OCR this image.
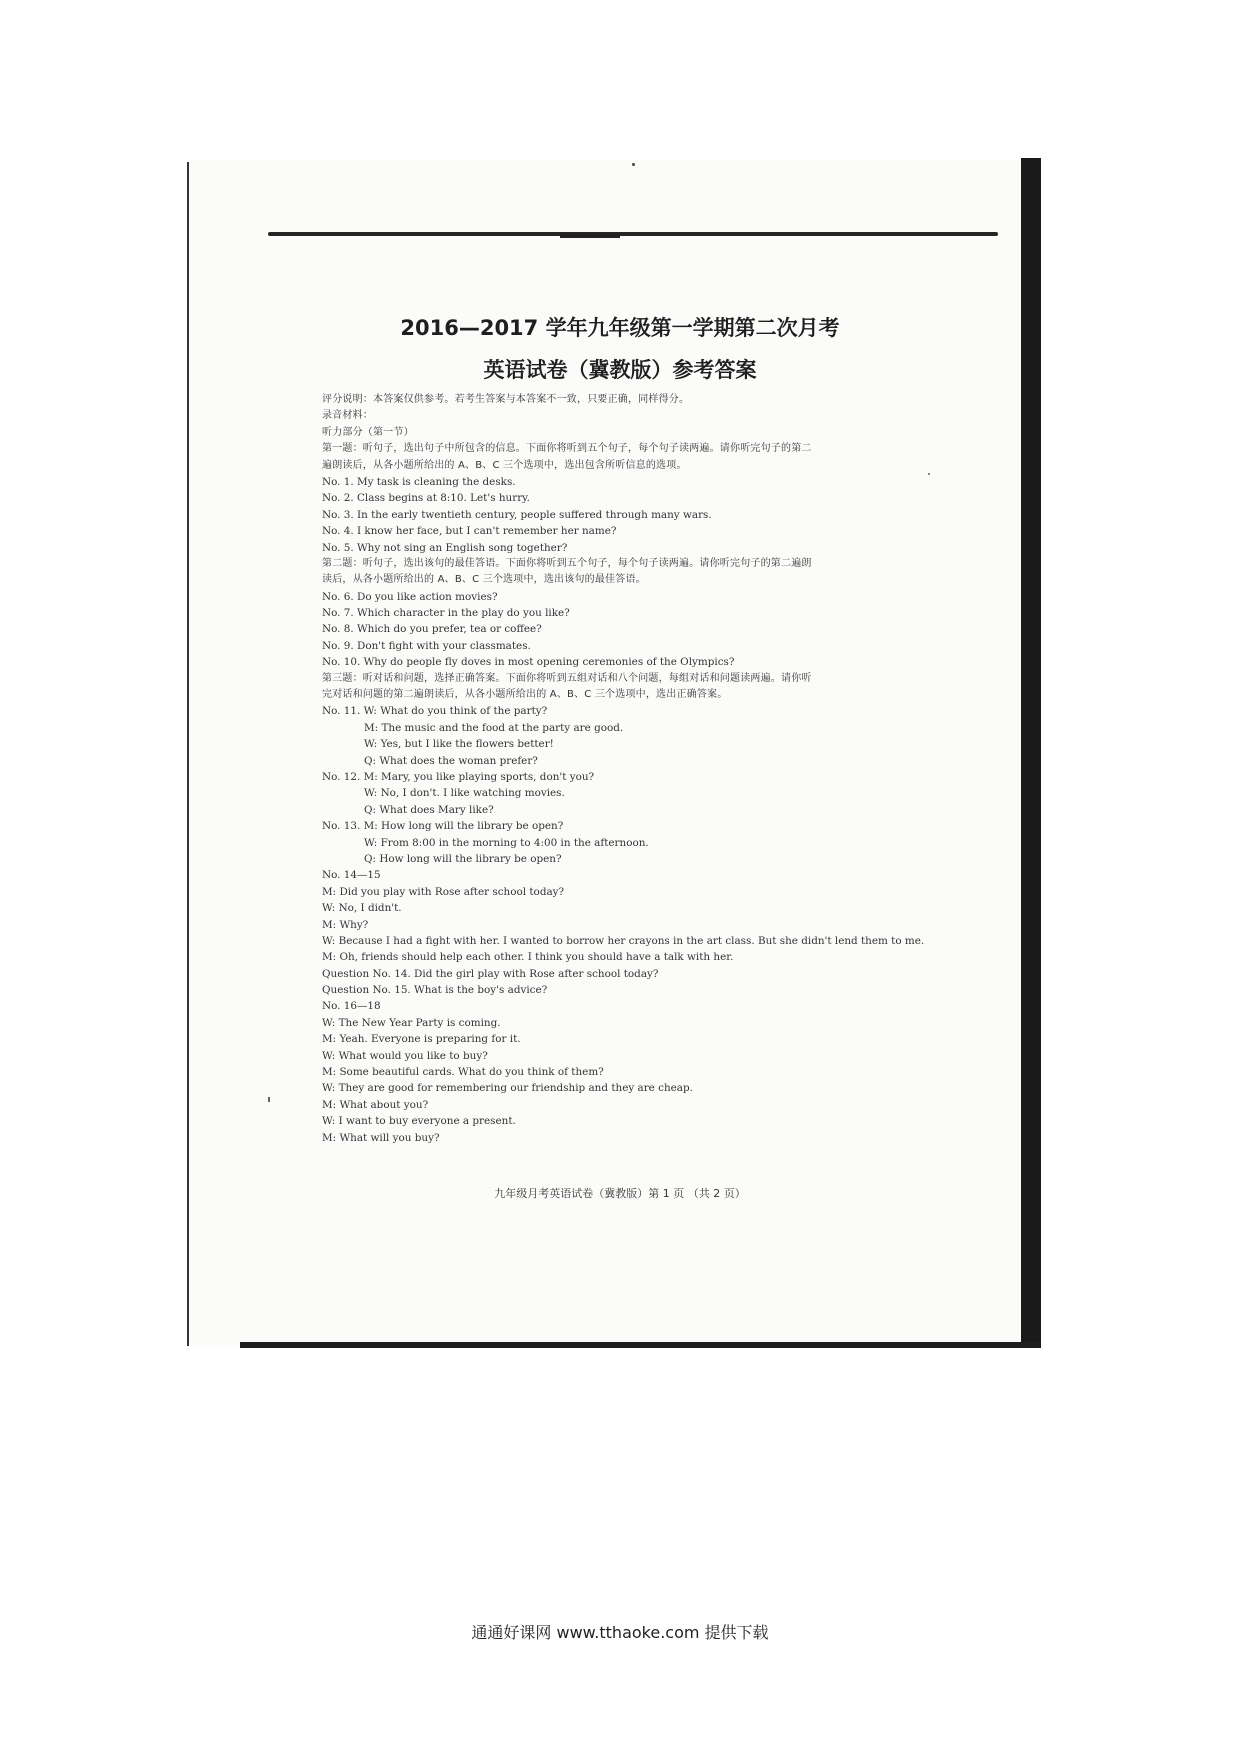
2016—2017 学年九年级第一学期第二次月考
英语试卷（冀教版）参考答案
评分说明：本答案仅供参考。若考生答案与本答案不一致，只要正确，同样得分。
录音材料：
听力部分（第一节）
第一题：听句子，选出句子中所包含的信息。下面你将听到五个句子，每个句子读两遍。请你听完句子的第二
遍朗读后，从各小题所给出的 A、B、C 三个选项中，选出包含所听信息的选项。
No. 1. My task is cleaning the desks.
No. 2. Class begins at 8:10. Let's hurry.
No. 3. In the early twentieth century, people suffered through many wars.
No. 4. I know her face, but I can't remember her name?
No. 5. Why not sing an English song together?
第二题：听句子，选出该句的最佳答语。下面你将听到五个句子，每个句子读两遍。请你听完句子的第二遍朗
读后，从各小题所给出的 A、B、C 三个选项中，选出该句的最佳答语。
No. 6. Do you like action movies?
No. 7. Which character in the play do you like?
No. 8. Which do you prefer, tea or coffee?
No. 9. Don't fight with your classmates.
No. 10. Why do people fly doves in most opening ceremonies of the Olympics?
第三题：听对话和问题，选择正确答案。下面你将听到五组对话和八个问题，每组对话和问题读两遍。请你听
完对话和问题的第二遍朗读后，从各小题所给出的 A、B、C 三个选项中，选出正确答案。
No. 11. W: What do you think of the party?
M: The music and the food at the party are good.
W: Yes, but I like the flowers better!
Q: What does the woman prefer?
No. 12. M: Mary, you like playing sports, don't you?
W: No, I don't. I like watching movies.
Q: What does Mary like?
No. 13. M: How long will the library be open?
W: From 8:00 in the morning to 4:00 in the afternoon.
Q: How long will the library be open?
No. 14—15
M: Did you play with Rose after school today?
W: No, I didn't.
M: Why?
W: Because I had a fight with her. I wanted to borrow her crayons in the art class. But she didn't lend them to me.
M: Oh, friends should help each other. I think you should have a talk with her.
Question No. 14. Did the girl play with Rose after school today?
Question No. 15. What is the boy's advice?
No. 16—18
W: The New Year Party is coming.
M: Yeah. Everyone is preparing for it.
W: What would you like to buy?
M: Some beautiful cards. What do you think of them?
W: They are good for remembering our friendship and they are cheap.
M: What about you?
W: I want to buy everyone a present.
M: What will you buy?
九年级月考英语试卷（冀教版）第 1 页 （共 2 页）
通通好课网 www.tthaoke.com 提供下载
